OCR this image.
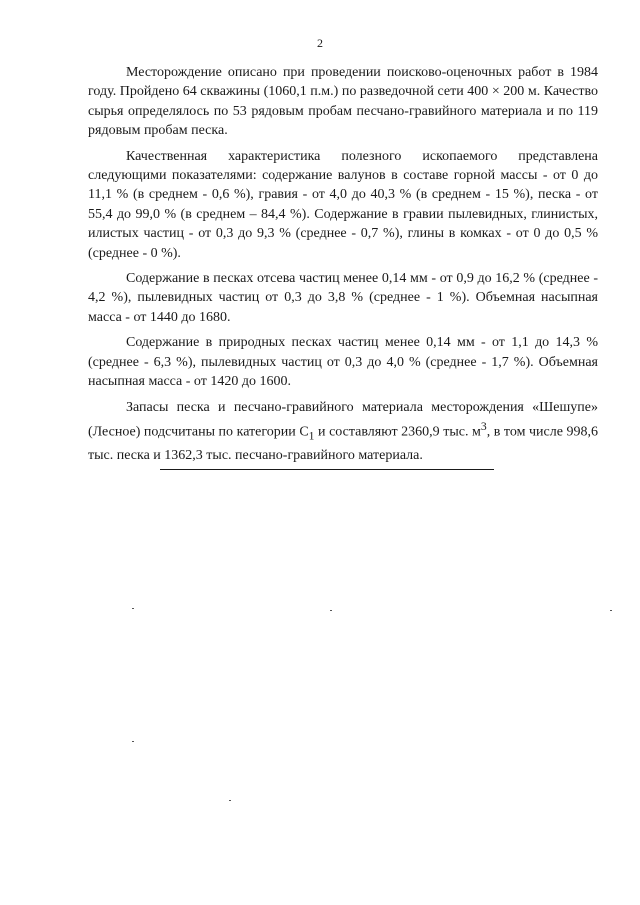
2

Месторождение описано при проведении поисково-оценочных работ в 1984 году. Пройдено 64 скважины (1060,1 п.м.) по разведочной сети 400 × 200 м. Качество сырья определялось по 53 рядовым пробам песчано-гравийного материала и по 119 рядовым пробам песка.

Качественная характеристика полезного ископаемого представлена следующими показателями: содержание валунов в составе горной массы - от 0 до 11,1 % (в среднем - 0,6 %), гравия - от 4,0 до 40,3 % (в среднем - 15 %), песка - от 55,4 до 99,0 % (в среднем – 84,4 %). Содержание в гравии пылевидных, глинистых, илистых частиц - от 0,3 до 9,3 % (среднее - 0,7 %), глины в комках - от 0 до 0,5 % (среднее - 0 %).

Содержание в песках отсева частиц менее 0,14 мм - от 0,9 до 16,2 % (среднее - 4,2 %), пылевидных частиц от 0,3 до 3,8 % (среднее - 1 %). Объемная насыпная масса - от 1440 до 1680.

Содержание в природных песках частиц менее 0,14 мм - от 1,1 до 14,3 % (среднее - 6,3 %), пылевидных частиц от 0,3 до 4,0 % (среднее - 1,7 %). Объемная насыпная масса - от 1420 до 1600.

Запасы песка и песчано-гравийного материала месторождения «Шешупе» (Лесное) подсчитаны по категории $С_1$ и составляют 2360,9 тыс. $м^3$, в том числе 998,6 тыс. песка и 1362,3 тыс. песчано-гравийного материала.
